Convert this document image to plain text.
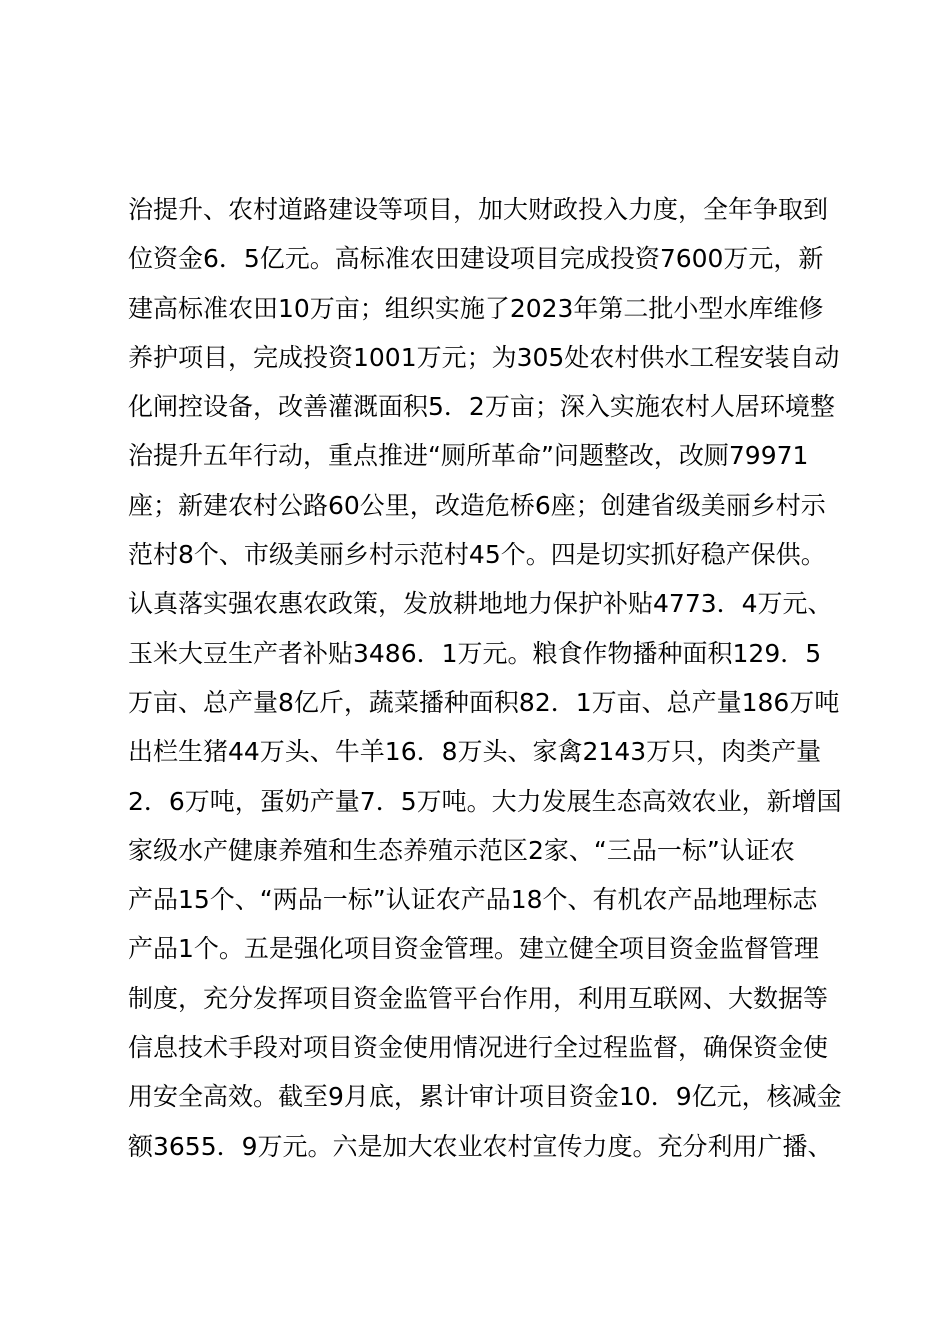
治提升、农村道路建设等项目，加大财政投入力度，全年争取到
位资金6．5亿元。高标准农田建设项目完成投资7600万元，新
建高标准农田10万亩；组织实施了2023年第二批小型水库维修
养护项目，完成投资1001万元；为305处农村供水工程安装自动
化闸控设备，改善灌溉面积5．2万亩；深入实施农村人居环境整
治提升五年行动，重点推进“厕所革命”问题整改，改厕79971
座；新建农村公路60公里，改造危桥6座；创建省级美丽乡村示
范村8个、市级美丽乡村示范村45个。四是切实抓好稳产保供。
认真落实强农惠农政策，发放耕地地力保护补贴4773．4万元、
玉米大豆生产者补贴3486．1万元。粮食作物播种面积129．5
万亩、总产量8亿斤，蔬菜播种面积82．1万亩、总产量186万吨
出栏生猪44万头、牛羊16．8万头、家禽2143万只，肉类产量
2．6万吨，蛋奶产量7．5万吨。大力发展生态高效农业，新增国
家级水产健康养殖和生态养殖示范区2家、“三品一标”认证农
产品15个、“两品一标”认证农产品18个、有机农产品地理标志
产品1个。五是强化项目资金管理。建立健全项目资金监督管理
制度，充分发挥项目资金监管平台作用，利用互联网、大数据等
信息技术手段对项目资金使用情况进行全过程监督，确保资金使
用安全高效。截至9月底，累计审计项目资金10．9亿元，核减金
额3655．9万元。六是加大农业农村宣传力度。充分利用广播、
